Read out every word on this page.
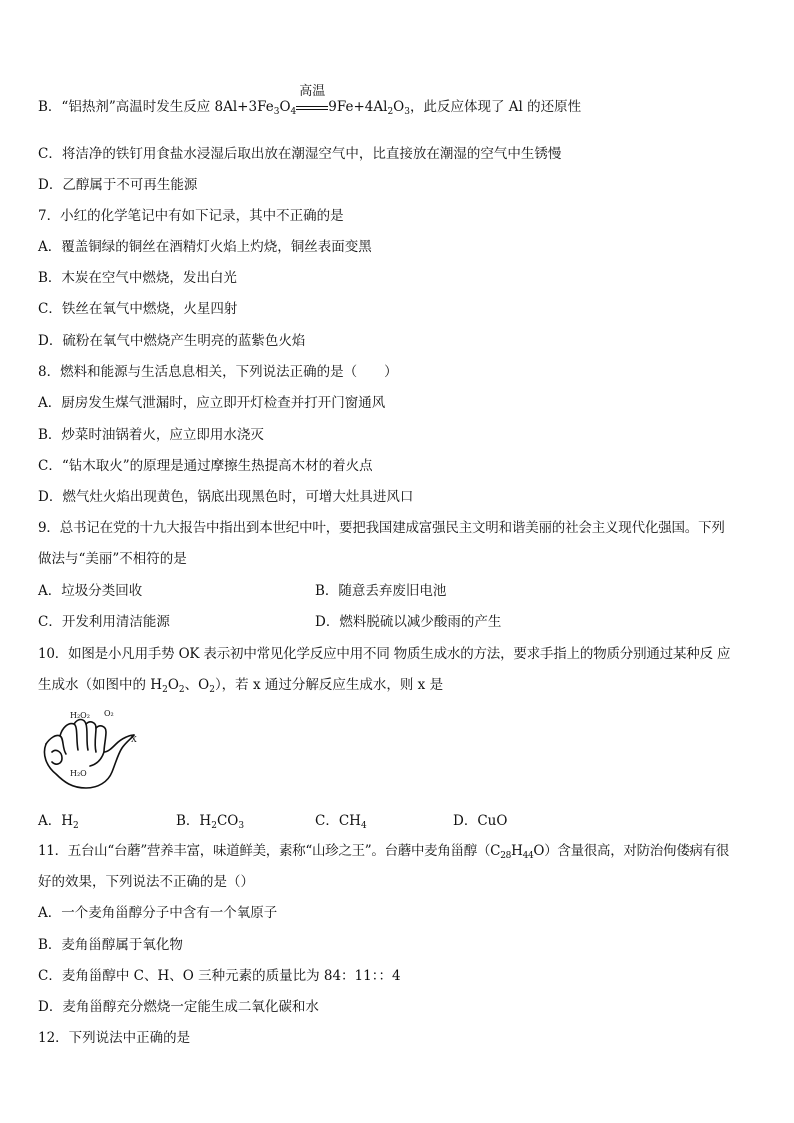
B．“铝热剂”高温时发生反应 $8Al+3Fe_3O_4$
高温
$9Fe+4Al_2O_3$，此反应体现了 Al 的还原性
C．将洁净的铁钉用食盐水浸湿后取出放在潮湿空气中，比直接放在潮湿的空气中生锈慢
D．乙醇属于不可再生能源
7．小红的化学笔记中有如下记录，其中不正确的是
A．覆盖铜绿的铜丝在酒精灯火焰上灼烧，铜丝表面变黑
B．木炭在空气中燃烧，发出白光
C．铁丝在氧气中燃烧，火星四射
D．硫粉在氧气中燃烧产生明亮的蓝紫色火焰
8．燃料和能源与生活息息相关，下列说法正确的是（　　）
A．厨房发生煤气泄漏时，应立即开灯检查并打开门窗通风
B．炒菜时油锅着火，应立即用水浇灭
C．“钻木取火”的原理是通过摩擦生热提高木材的着火点
D．燃气灶火焰出现黄色，锅底出现黑色时，可增大灶具进风口
9．总书记在党的十九大报告中指出到本世纪中叶，要把我国建成富强民主文明和谐美丽的社会主义现代化强国。下列
做法与“美丽”不相符的是
A．垃圾分类回收	B．随意丢弃废旧电池
C．开发利用清洁能源	D．燃料脱硫以减少酸雨的产生
10．如图是小凡用手势 OK 表示初中常见化学反应中用不同 物质生成水的方法，要求手指上的物质分别通过某种反 应
生成水（如图中的 $H_2O_2$、$O_2$），若 x 通过分解反应生成水，则 x 是
H₂O₂ O₂
X
H₂O
A．$H_2$	B．$H_2CO_3$	C．$CH_4$	D．CuO
11．五台山“台蘑”营养丰富，味道鲜美，素称“山珍之王”。台蘑中麦角甾醇$(C_{28}H_{44}O)$含量很高，对防治佝偻病有很
好的效果，下列说法不正确的是（）
A．一个麦角甾醇分子中含有一个氧原子
B．麦角甾醇属于氧化物
C．麦角甾醇中 C、H、O 三种元素的质量比为 84：11：：4
D．麦角甾醇充分燃烧一定能生成二氧化碳和水
12．下列说法中正确的是
